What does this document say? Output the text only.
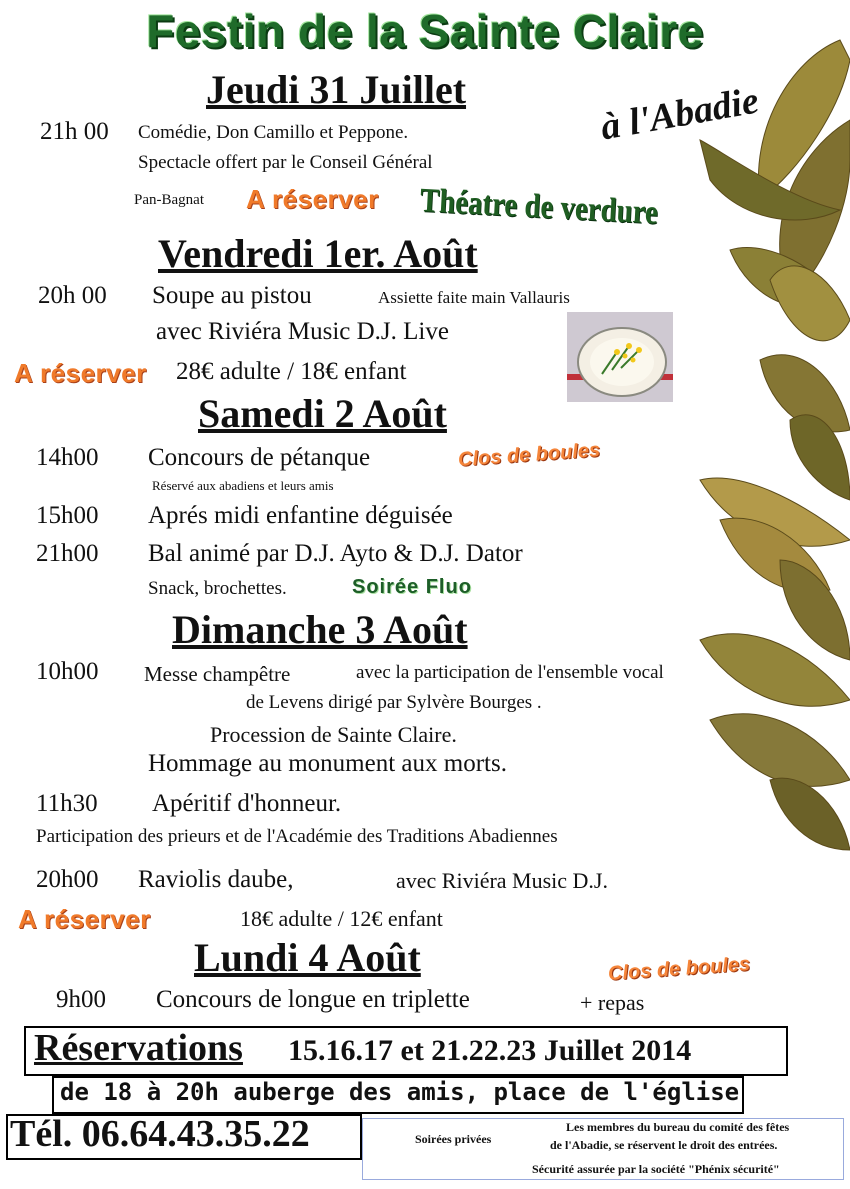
Festin de la Sainte Claire
à l'Abadie
Jeudi 31 Juillet
21h 00 Comédie, Don Camillo et Peppone.
Spectacle offert par le Conseil Général
Pan-Bagnat A réserver Théatre de verdure
Vendredi 1er. Août
20h 00 Soupe au pistou	Assiette faite main Vallauris
avec Riviéra Music D.J. Live
A réserver 28€ adulte / 18€ enfant
Samedi 2 Août
14h00 Concours de pétanque	Clos de boules
Réservé aux abadiens et leurs amis
15h00 Aprés midi enfantine déguisée
21h00 Bal animé par D.J. Ayto & D.J. Dator
Snack, brochettes.	Soirée Fluo
Dimanche 3 Août
10h00 Messe champêtre	avec la participation de l'ensemble vocal
de Levens dirigé par Sylvère Bourges .
Procession de Sainte Claire.
Hommage au monument aux morts.
11h30 Apéritif d'honneur.
Participation des prieurs et de l'Académie des Traditions Abadiennes
20h00 Raviolis daube,	avec Riviéra Music D.J.
A réserver	18€ adulte / 12€ enfant
Lundi 4 Août	Clos de boules
9h00 Concours de longue en triplette	+ repas
Réservations 15.16.17 et 21.22.23 Juillet 2014
de 18 à 20h auberge des amis, place de l'église
Tél. 06.64.43.35.22	Soirées privées
Les membres du bureau du comité des fêtes
de l'Abadie, se réservent le droit des entrées.
Sécurité assurée par la société "Phénix sécurité"
